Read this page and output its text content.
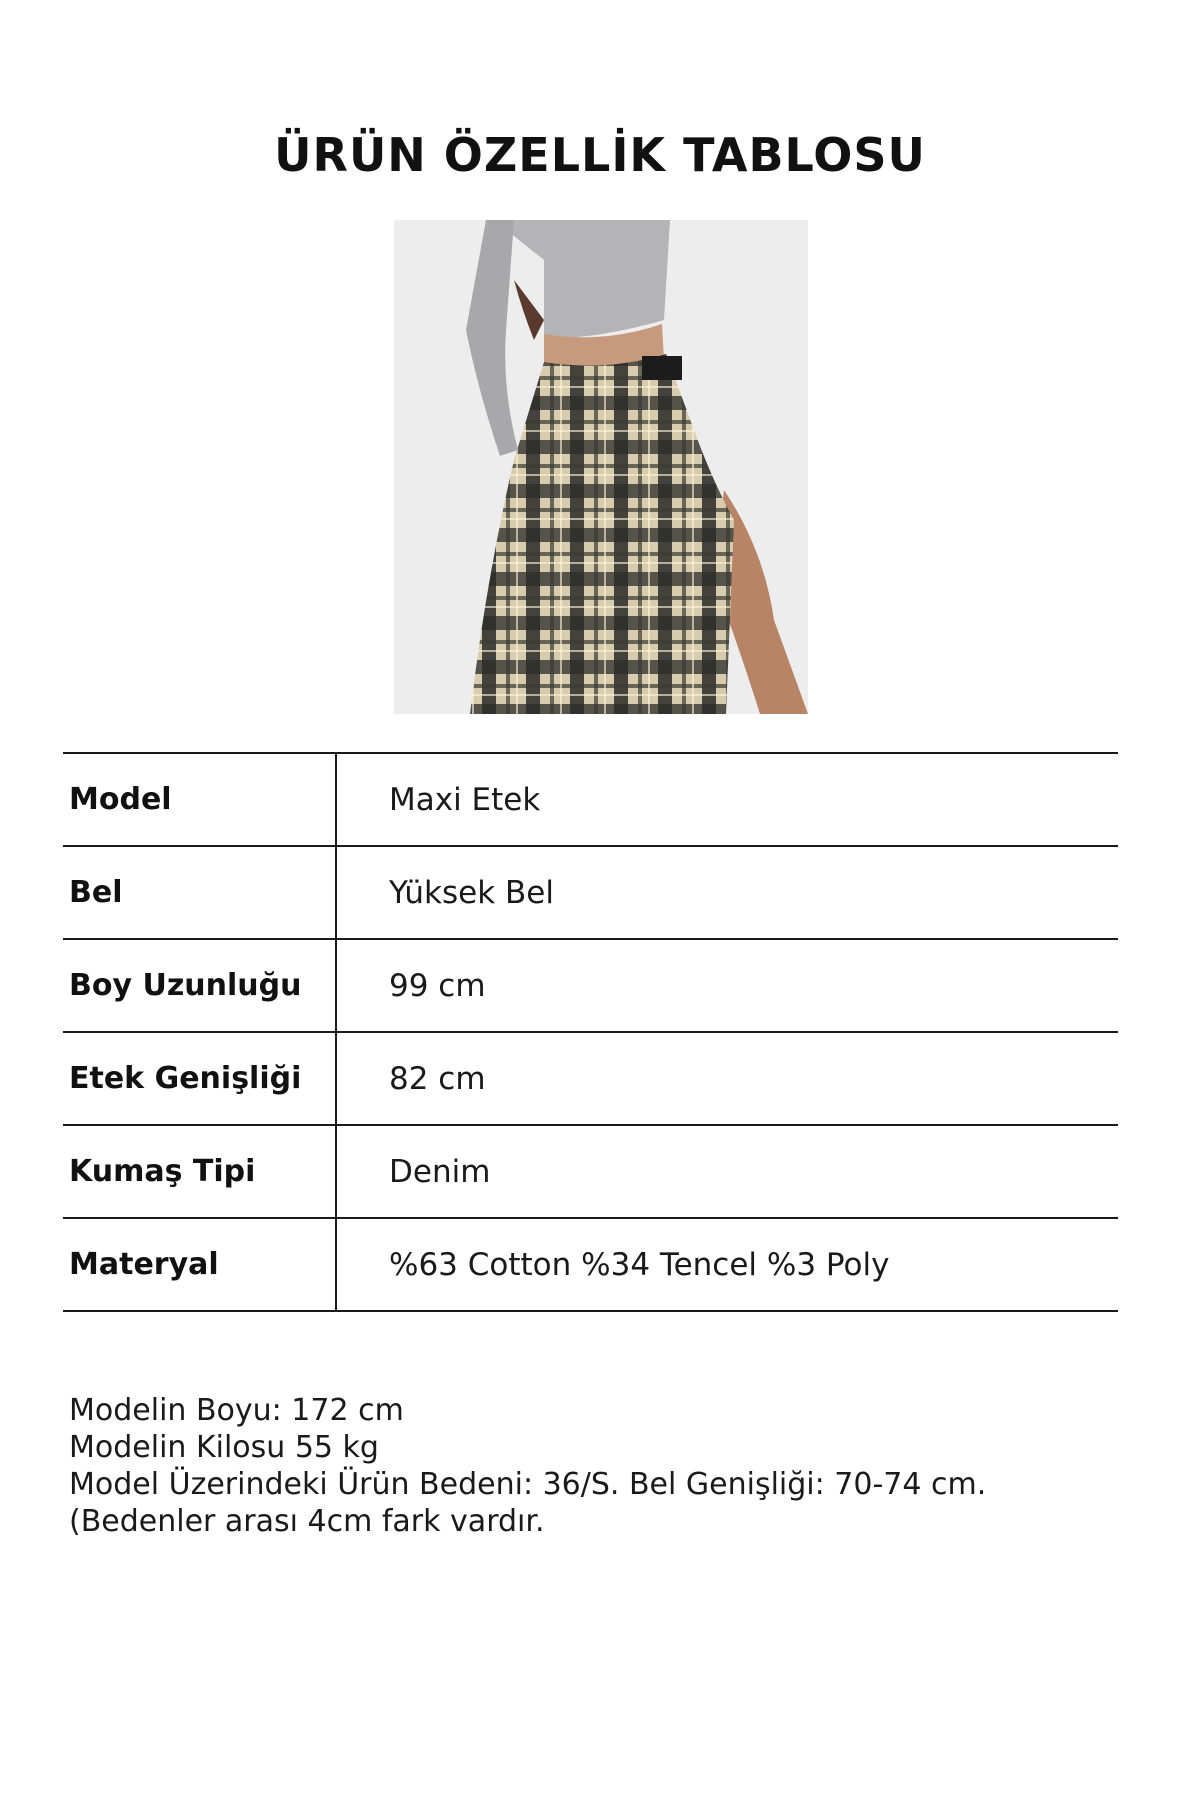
ÜRÜN ÖZELLİK TABLOSU
Model	Maxi Etek
Bel	Yüksek Bel
Boy Uzunluğu	99 cm
Etek Genişliği	82 cm
Kumaş Tipi	Denim
Materyal	%63 Cotton %34 Tencel %3 Poly
Modelin Boyu: 172 cm
Modelin Kilosu 55 kg
Model Üzerindeki Ürün Bedeni: 36/S. Bel Genişliği: 70-74 cm. (Bedenler arası 4cm fark vardır.
